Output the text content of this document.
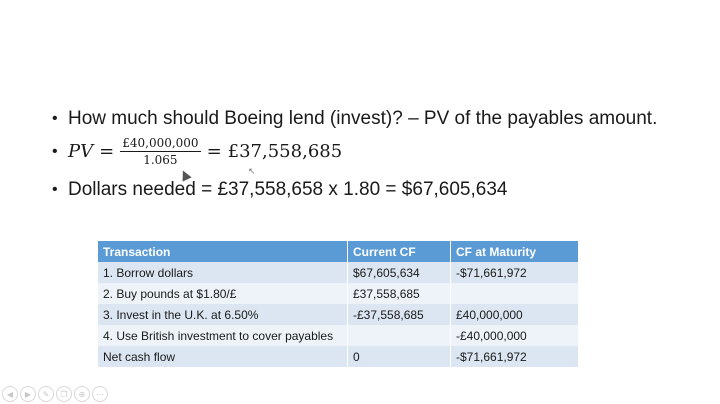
• How much should Boeing lend (invest)? – PV of the payables amount.
• PV = $\frac{£40,000,000}{1.065}$ = £37,558,685
• Dollars needed = £37,558,658 x 1.80 = $67,605,634
↖
Transaction	Current CF	CF at Maturity
1. Borrow dollars	$67,605,634	-$71,661,972
2. Buy pounds at $1.80/£	£37,558,685	
3. Invest in the U.K. at 6.50%	-£37,558,685	£40,000,000
4. Use British investment to cover payables		-£40,000,000
Net cash flow	0	-$71,661,972
◀	▶	✎	❐	⊕	⋯
